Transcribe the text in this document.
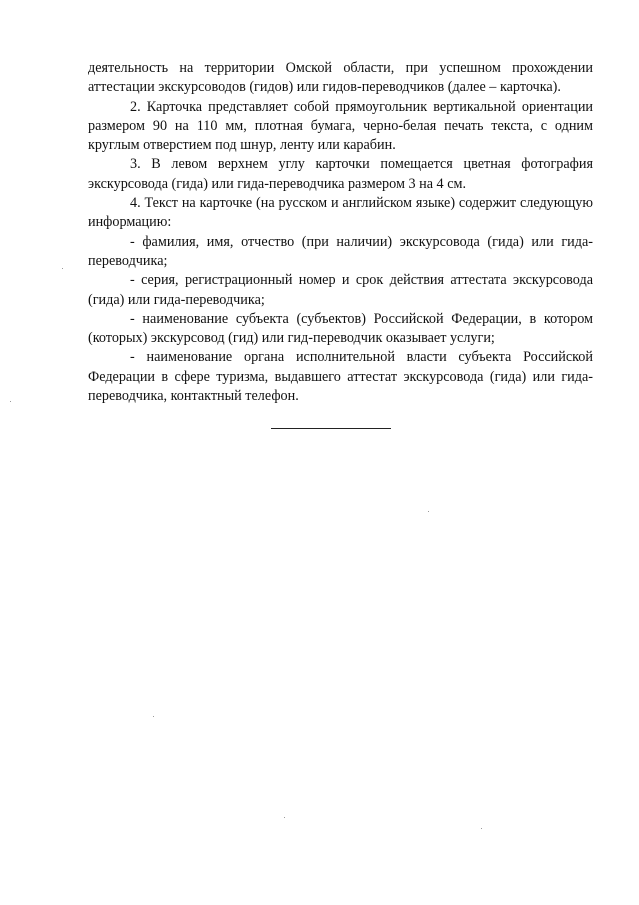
деятельность на территории Омской области, при успешном прохождении аттестации экскурсоводов (гидов) или гидов-переводчиков (далее – карточка).

2. Карточка представляет собой прямоугольник вертикальной ориентации размером 90 на 110 мм, плотная бумага, черно-белая печать текста, с одним круглым отверстием под шнур, ленту или карабин.

3. В левом верхнем углу карточки помещается цветная фотография экскурсовода (гида) или гида-переводчика размером 3 на 4 см.

4. Текст на карточке (на русском и английском языке) содержит следующую информацию:

- фамилия, имя, отчество (при наличии) экскурсовода (гида) или гида-переводчика;

- серия, регистрационный номер и срок действия аттестата экскурсовода (гида) или гида-переводчика;

- наименование субъекта (субъектов) Российской Федерации, в котором (которых) экскурсовод (гид) или гид-переводчик оказывает услуги;

- наименование органа исполнительной власти субъекта Российской Федерации в сфере туризма, выдавшего аттестат экскурсовода (гида) или гида-переводчика, контактный телефон.
